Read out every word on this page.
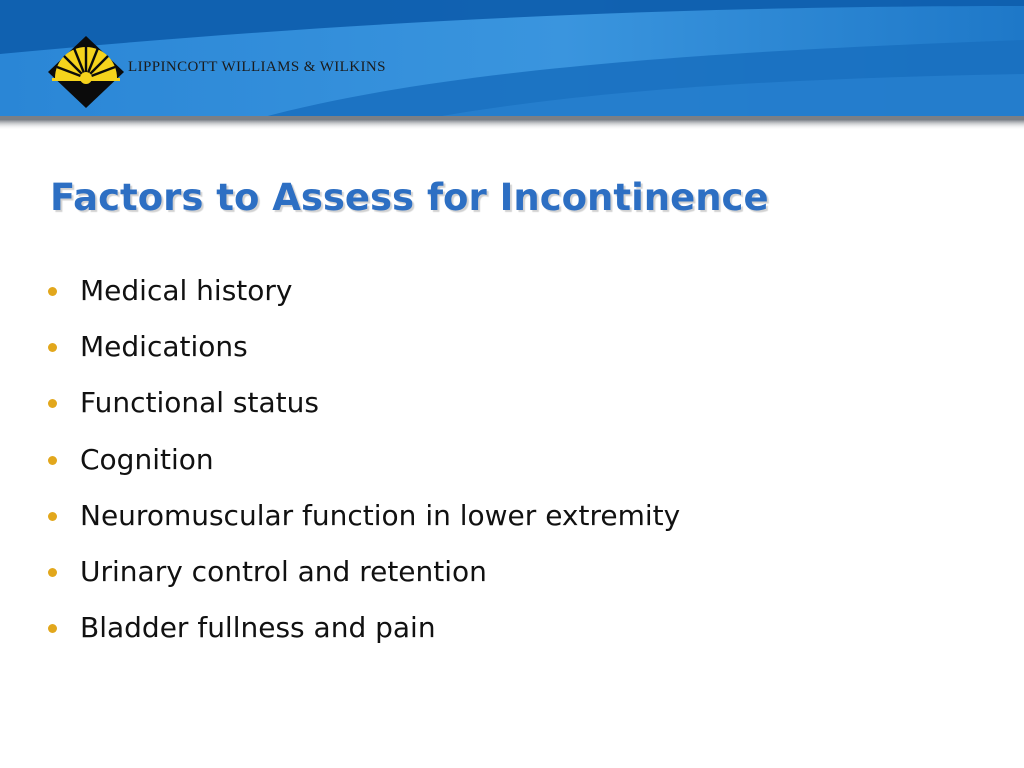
LIPPINCOTT WILLIAMS & WILKINS
Factors to Assess for Incontinence
Medical history
Medications
Functional status
Cognition
Neuromuscular function in lower extremity
Urinary control and retention
Bladder fullness and pain
